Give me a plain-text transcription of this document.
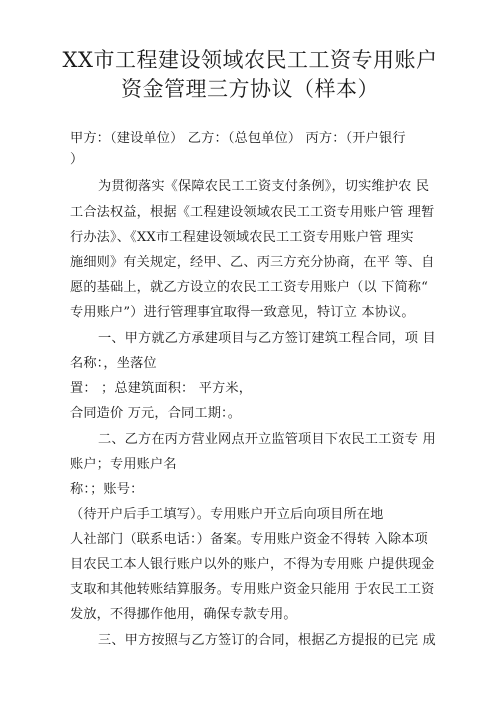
XX市工程建设领域农民工工资专用账户
资金管理三方协议（样本）
甲方：（建设单位） 乙方：（总包单位） 丙方：（开户银行
）
为贯彻落实《保障农民工工资支付条例》，切实维护农 民
工合法权益，根据《工程建设领域农民工工资专用账户管 理暂
行办法》、《XX市工程建设领域农民工工资专用账户管 理实
施细则》有关规定，经甲、乙、丙三方充分协商，在平 等、自
愿的基础上，就乙方设立的农民工工资专用账户（以 下简称“
专用账户”）进行管理事宜取得一致意见，特订立 本协议。
一、甲方就乙方承建项目与乙方签订建筑工程合同，项 目
名称：，坐落位
置： ；总建筑面积： 平方米，
合同造价 万元，合同工期：。
二、乙方在丙方营业网点开立监管项目下农民工工资专 用
账户；专用账户名
称：；账号：
（待开户后手工填写）。专用账户开立后向项目所在地
人社部门（联系电话：）备案。专用账户资金不得转 入除本项
目农民工本人银行账户以外的账户，不得为专用账 户提供现金
支取和其他转账结算服务。专用账户资金只能用 于农民工工资
发放，不得挪作他用，确保专款专用。
三、甲方按照与乙方签订的合同，根据乙方提报的已完 成
